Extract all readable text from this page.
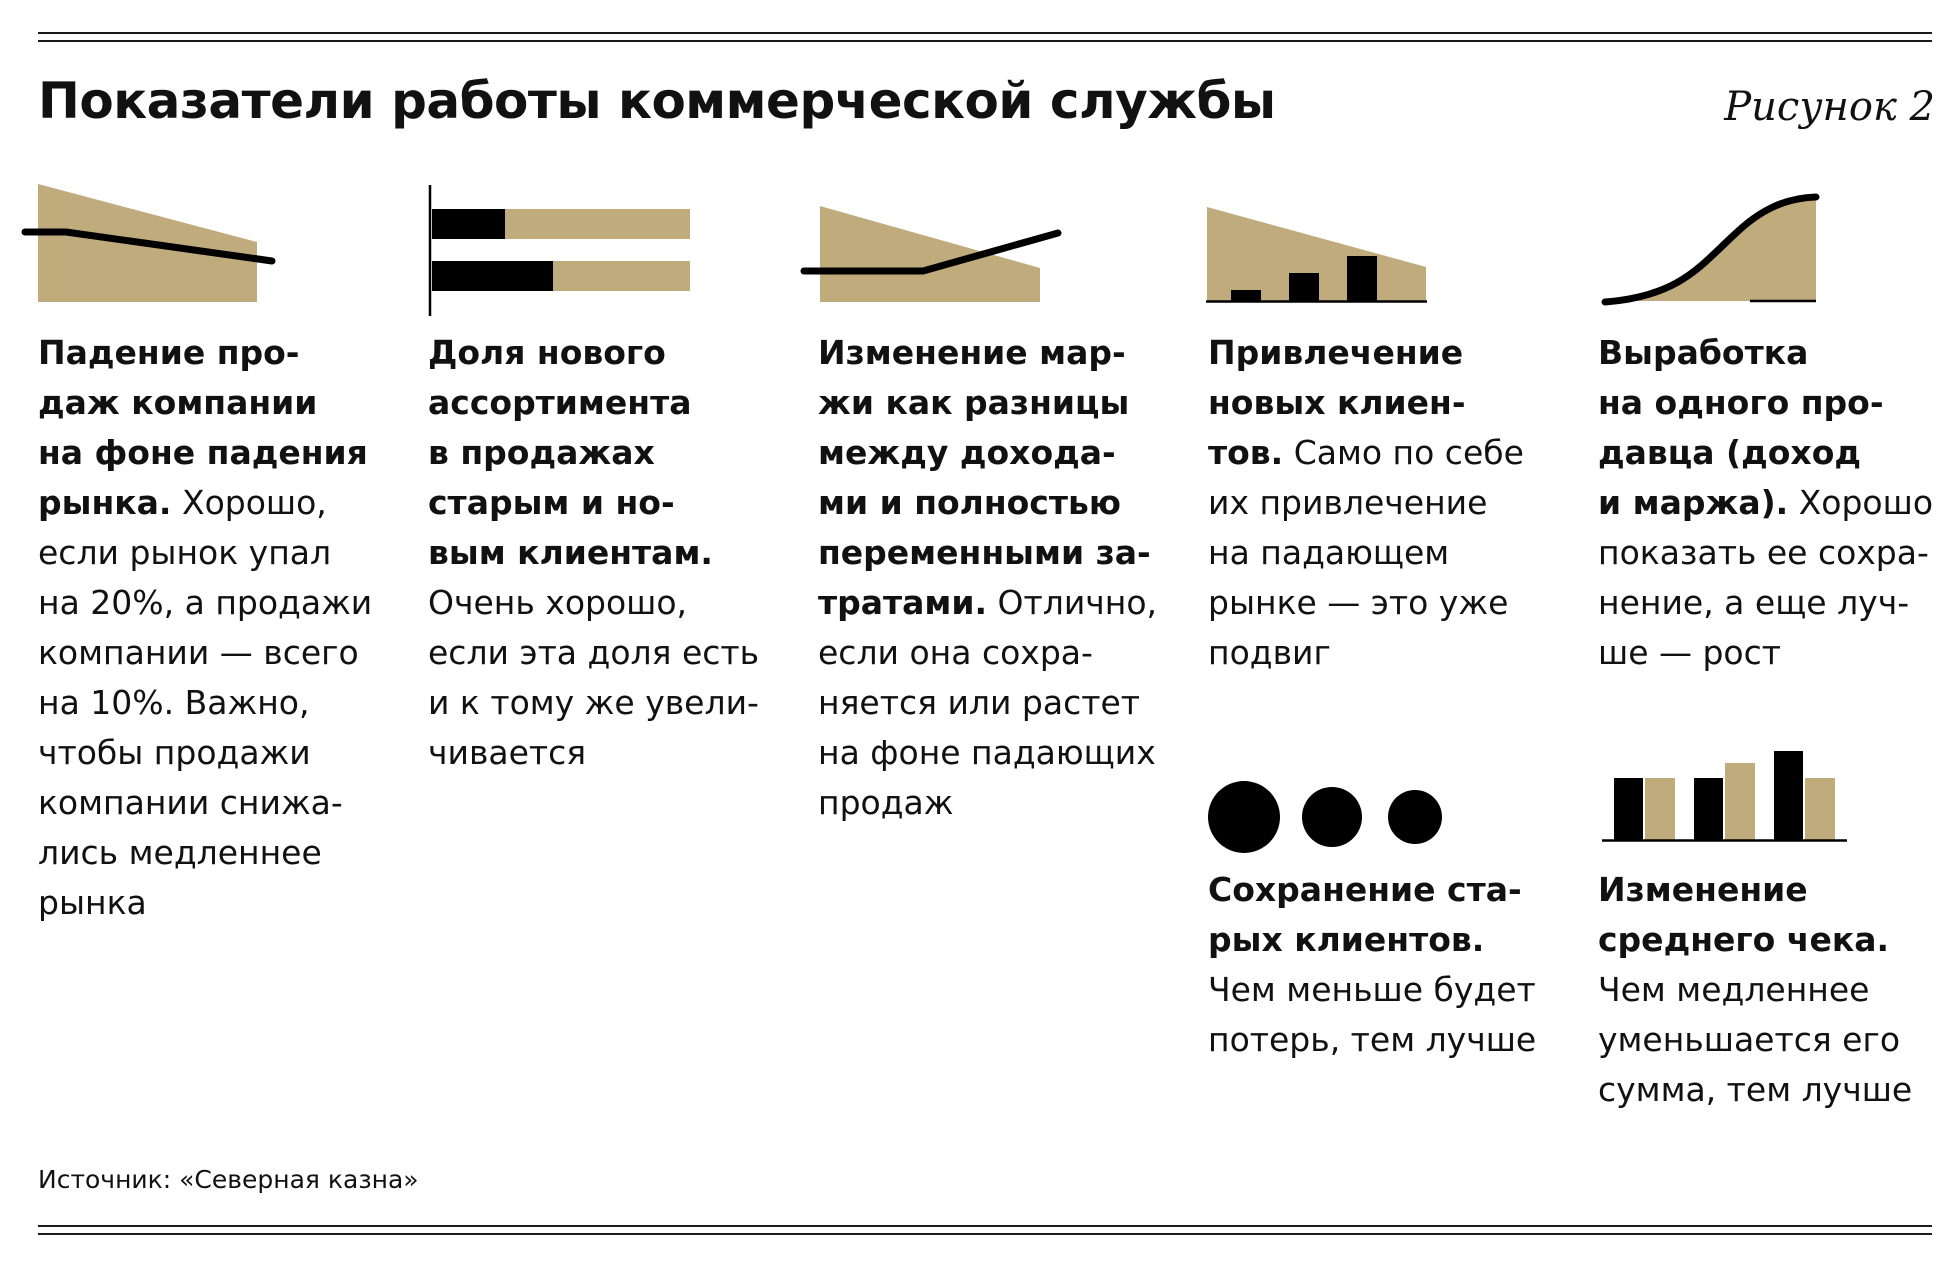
Показатели работы коммерческой службы	Рисунок 2
Падение про-
даж компании
на фоне падения
рынка. Хорошо,
если рынок упал
на 20%, а продажи
компании — всего
на 10%. Важно,
чтобы продажи
компании снижа-
лись медленнее
рынка
Доля нового
ассортимента
в продажах
старым и но-
вым клиентам.
Очень хорошо,
если эта доля есть
и к тому же увели-
чивается
Изменение мар-
жи как разницы
между дохода-
ми и полностью
переменными за-
тратами. Отлично,
если она сохра-
няется или растет
на фоне падающих
продаж
Привлечение
новых клиен-
тов. Само по себе
их привлечение
на падающем
рынке — это уже
подвиг
Выработка
на одного про-
давца (доход
и маржа). Хорошо
показать ее сохра-
нение, а еще луч-
ше — рост
Сохранение ста-
рых клиентов.
Чем меньше будет
потерь, тем лучше
Изменение
среднего чека.
Чем медленнее
уменьшается его
сумма, тем лучше
Источник: «Северная казна»
